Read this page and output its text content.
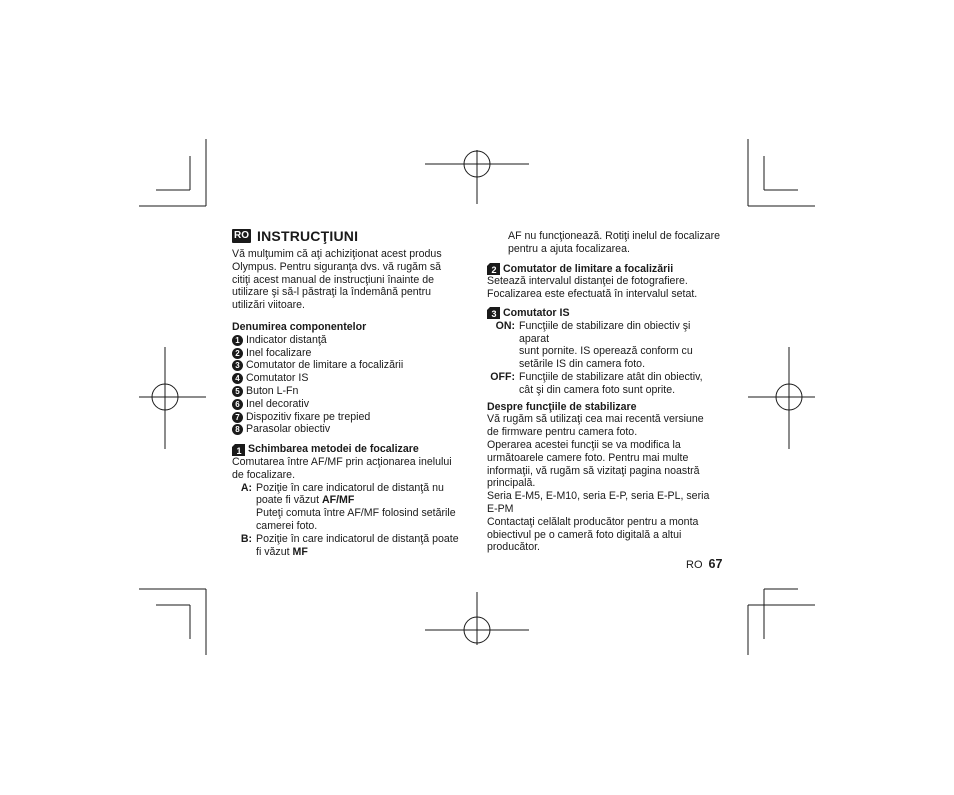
RO INSTRUCŢIUNI

Vă mulţumim că aţi achiziţionat acest produs

Olympus. Pentru siguranţa dvs. vă rugăm să

citiţi acest manual de instrucţiuni înainte de

utilizare şi să-l păstraţi la îndemână pentru

utilizări viitoare.

Denumirea componentelor

1 Indicator distanţă
2 Inel focalizare
3 Comutator de limitare a focalizării
4 Comutator IS
5 Buton L-Fn
6 Inel decorativ
7 Dispozitiv fixare pe trepied
8 Parasolar obiectiv
1 Schimbarea metodei de focalizare

Comutarea între AF/MF prin acţionarea inelului

de focalizare.

A: Poziţie în care indicatorul de distanţă nu

poate fi văzut AF/MF

Puteţi comuta între AF/MF folosind setările

camerei foto.

B: Poziţie în care indicatorul de distanţă poate

fi văzut MF

AF nu funcţionează. Rotiţi inelul de focalizare

pentru a ajuta focalizarea.

2 Comutator de limitare a focalizării

Setează intervalul distanţei de fotografiere.

Focalizarea este efectuată în intervalul setat.

3 Comutator IS
ON: Funcţiile de stabilizare din obiectiv şi aparat

sunt pornite. IS operează conform cu

setările IS din camera foto.

OFF: Funcţiile de stabilizare atât din obiectiv,

cât şi din camera foto sunt oprite.

Despre funcţiile de stabilizare

Vă rugăm să utilizaţi cea mai recentă versiune

de firmware pentru camera foto.

Operarea acestei funcţii se va modifica la

următoarele camere foto. Pentru mai multe

informaţii, vă rugăm să vizitaţi pagina noastră

principală.

Seria E-M5, E-M10, seria E-P, seria E-PL, seria

E-PM

Contactaţi celălalt producător pentru a monta

obiectivul pe o cameră foto digitală a altui

producător.

RO 67
